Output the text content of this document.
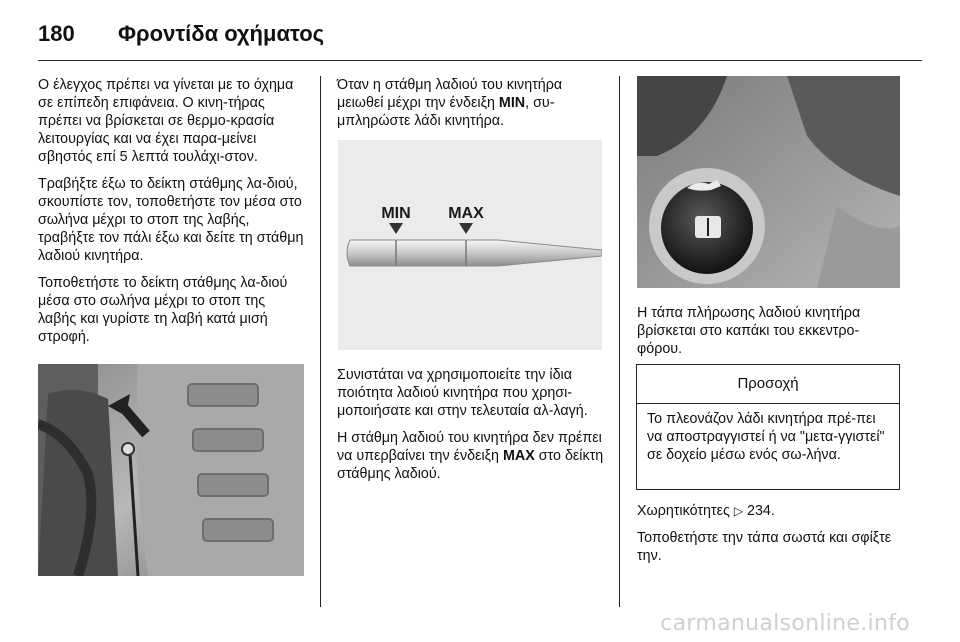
180	Φροντίδα οχήματος

Ο έλεγχος πρέπει να γίνεται με το όχημα σε επίπεδη επιφάνεια. Ο κινη-τήρας πρέπει να βρίσκεται σε θερμο-κρασία λειτουργίας και να έχει παρα-μείνει σβηστός επί 5 λεπτά τουλάχι-στον.

Τραβήξτε έξω το δείκτη στάθμης λα-διού, σκουπίστε τον, τοποθετήστε τον μέσα στο σωλήνα μέχρι το στοπ της λαβής, τραβήξτε τον πάλι έξω και δείτε τη στάθμη λαδιού κινητήρα.

Τοποθετήστε το δείκτη στάθμης λα-διού μέσα στο σωλήνα μέχρι το στοπ της λαβής και γυρίστε τη λαβή κατά μισή στροφή.

Όταν η στάθμη λαδιού του κινητήρα μειωθεί μέχρι την ένδειξη MIN, συ-μπληρώστε λάδι κινητήρα.

MIN MAX

Συνιστάται να χρησιμοποιείτε την ίδια ποιότητα λαδιού κινητήρα που χρησι-μοποιήσατε και στην τελευταία αλ-λαγή.

Η στάθμη λαδιού του κινητήρα δεν πρέπει να υπερβαίνει την ένδειξη MAX στο δείκτη στάθμης λαδιού.

Η τάπα πλήρωσης λαδιού κινητήρα βρίσκεται στο καπάκι του εκκεντρο-φόρου.

Προσοχή
Το πλεονάζον λάδι κινητήρα πρέ-πει να αποστραγγιστεί ή να "μετα-γγιστεί" σε δοχείο μέσω ενός σω-λήνα.

Χωρητικότητες ▷ 234.

Τοποθετήστε την τάπα σωστά και σφίξτε την.

carmanualsonline.info
